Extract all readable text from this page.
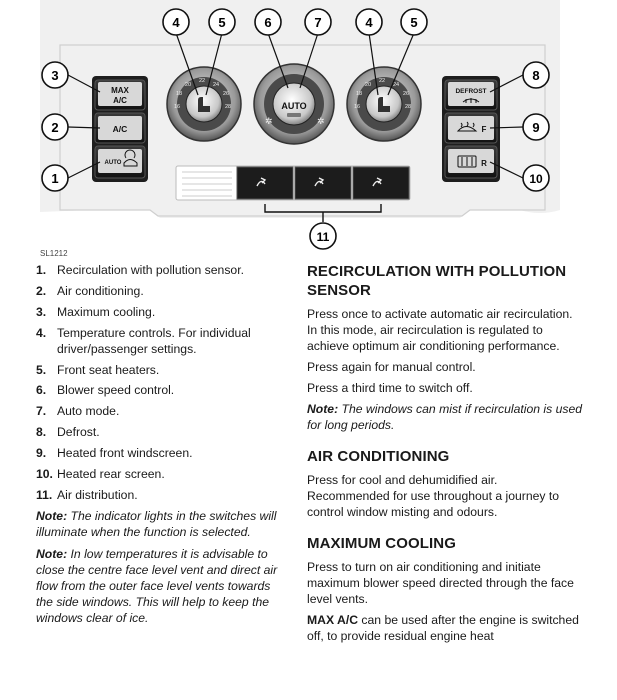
MAX
A/C
A/C
AUTO
DEFROST
F
R
16
18
20
22
24
26
28	AUTO
✲	✲
16
18
20
22
24
26
28
4	5	6	7	4	5
3
2
1
8
9
10
11
SL1212
1. Recirculation with pollution sensor.
2. Air conditioning.
3. Maximum cooling.
4. Temperature controls. For individual driver/passenger settings.
5. Front seat heaters.
6. Blower speed control.
7. Auto mode.
8. Defrost.
9. Heated front windscreen.
10. Heated rear screen.
11. Air distribution.

Note: The indicator lights in the switches will illuminate when the function is selected.

Note: In low temperatures it is advisable to close the centre face level vent and direct air flow from the outer face level vents towards the side windows. This will help to keep the windows clear of ice.

RECIRCULATION WITH POLLUTION SENSOR

Press once to activate automatic air recirculation. In this mode, air recirculation is regulated to achieve optimum air conditioning performance.

Press again for manual control.

Press a third time to switch off.

Note: The windows can mist if recirculation is used for long periods.

AIR CONDITIONING

Press for cool and dehumidified air. Recommended for use throughout a journey to control window misting and odours.

MAXIMUM COOLING

Press to turn on air conditioning and initiate maximum blower speed directed through the face level vents.

MAX A/C can be used after the engine is switched off, to provide residual engine heat
